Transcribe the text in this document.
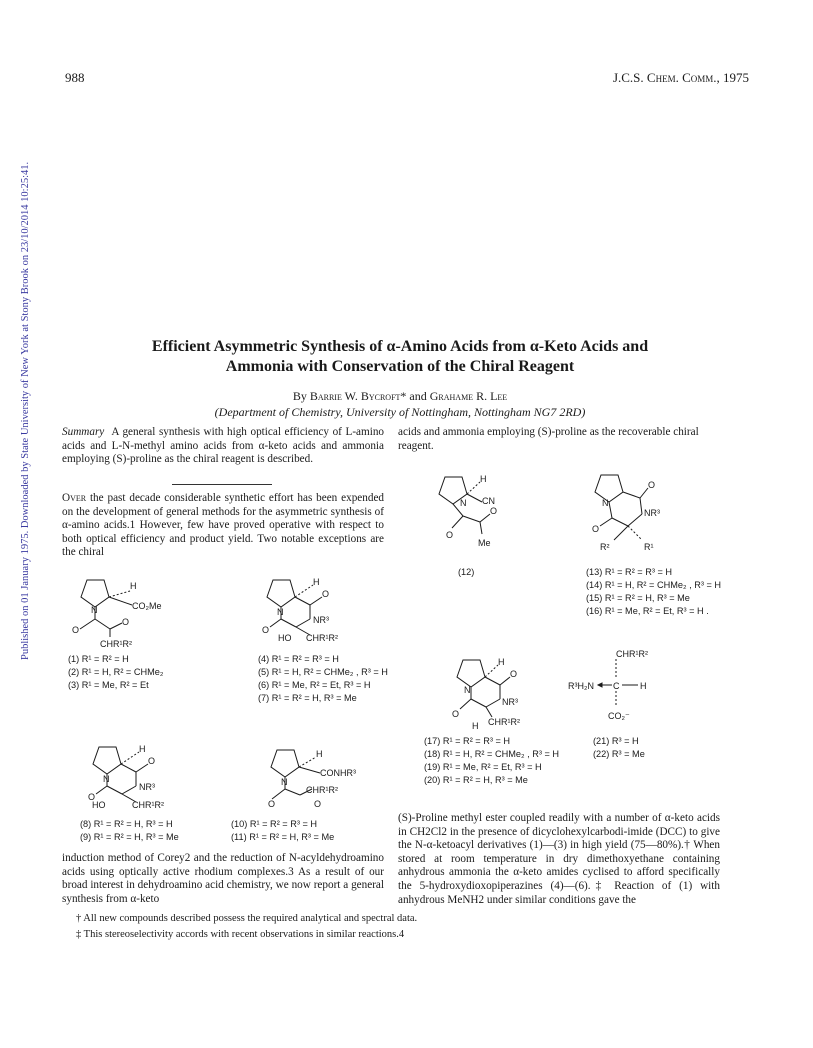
988	J.C.S. Chem. Comm., 1975
Published on 01 January 1975. Downloaded by State University of New York at Stony Brook on 23/10/2014 10:25:41.	Efficient Asymmetric Synthesis of α-Amino Acids from α-Keto Acids and
Ammonia with Conservation of the Chiral Reagent
By Barrie W. Bycroft* and Grahame R. Lee
(Department of Chemistry, University of Nottingham, Nottingham NG7 2RD)
Summary A general synthesis with high optical efficiency of L-amino acids and L-N-methyl amino acids from α-keto acids and ammonia employing (S)-proline as the chiral reagent is described.
acids and ammonia employing (S)-proline as the recoverable chiral reagent.
Over the past decade considerable synthetic effort has been expended on the development of general methods for the asymmetric synthesis of α-amino acids.1 However, few have proved operative with respect to both optical efficiency and product yield. Two notable exceptions are the chiral
H
N	CO₂Me
O
O
CHR¹R²
(1) R¹ = R² = H
(2) R¹ = H, R² = CHMe₂
(3) R¹ = Me, R² = Et
H
N
O
NR³
O
HO CHR¹R²
(4) R¹ = R² = R³ = H
(5) R¹ = H, R² = CHMe₂ , R³ = H
(6) R¹ = Me, R² = Et, R³ = H
(7) R¹ = R² = H, R³ = Me
H
N
O
NR³
O
HO	CHR¹R²
(8) R¹ = R² = H, R³ = H
(9) R¹ = R² = H, R³ = Me
H
N
CONHR³
O	O
CHR¹R²
(10) R¹ = R² = R³ = H
(11) R¹ = R² = H, R³ = Me
H
N CN
O
O
Me
(12)
N
O
NR³
O
R²	R¹
(13) R¹ = R² = R³ = H
(14) R¹ = H, R² = CHMe₂ , R³ = H
(15) R¹ = R² = H, R³ = Me
(16) R¹ = Me, R² = Et, R³ = H .
H
N
O
NR³
O
H CHR¹R²
(17) R¹ = R² = R³ = H
(18) R¹ = H, R² = CHMe₂ , R³ = H
(19) R¹ = Me, R² = Et, R³ = H
(20) R¹ = R² = H, R³ = Me
CHR¹R²
R³H₂N C H
CO₂⁻
(21) R³ = H
(22) R³ = Me
induction method of Corey2 and the reduction of N-acyldehydroamino acids using optically active rhodium complexes.3 As a result of our broad interest in dehydroamino acid chemistry, we now report a general synthesis from α-keto
(S)-Proline methyl ester coupled readily with a number of α-keto acids in CH2Cl2 in the presence of dicyclohexylcarbodi-imide (DCC) to give the N-α-ketoacyl derivatives (1)—(3) in high yield (75—80%).† When stored at room temperature in dry dimethoxyethane containing anhydrous ammonia the α-keto amides cyclised to afford specifically the 5-hydroxydioxopiperazines (4)—(6).‡ Reaction of (1) with anhydrous MeNH2 under similar conditions gave the
† All new compounds described possess the required analytical and spectral data.
‡ This stereoselectivity accords with recent observations in similar reactions.4
